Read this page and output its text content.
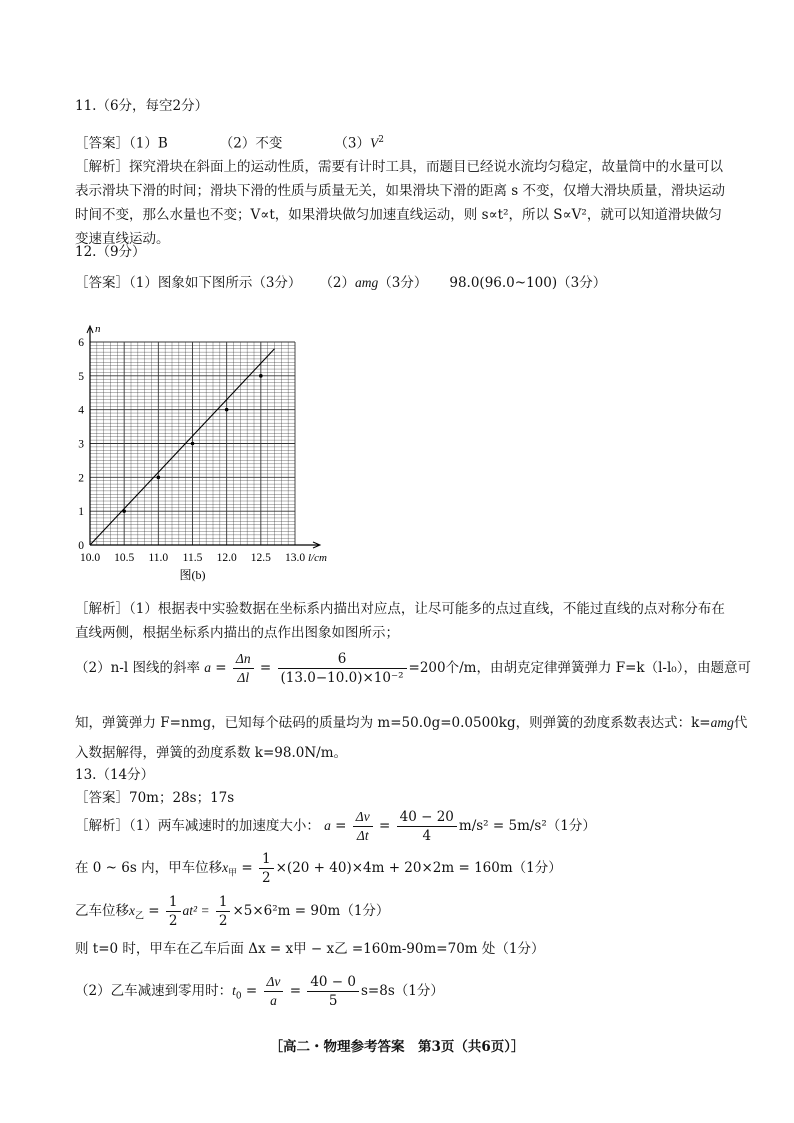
11.（6分，每空2分）
［答案］（1）B	（2）不变	$(3)V^2$
［解析］探究滑块在斜面上的运动性质，需要有计时工具，而题目已经说水流均匀稳定，故量筒中的水量可以表示滑块下滑的时间；滑块下滑的性质与质量无关，如果滑块下滑的距离 s 不变，仅增大滑块质量，滑块运动时间不变，那么水量也不变；V∝t，如果滑块做匀加速直线运动，则 s∝t²，所以 S∝V²，就可以知道滑块做匀变速直线运动。
12.（9分）
［答案］（1）图象如下图所示（3分） （2）amg（3分） 98.0(96.0~100)（3分）
n
l/cm
10.0 10.5 11.0 11.5 12.0 12.5 13.0
0
1
2
3
4
5
6
图(b)
［解析］（1）根据表中实验数据在坐标系内描出对应点，让尽可能多的点过直线，不能过直线的点对称分布在直线两侧，根据坐标系内描出的点作出图象如图所示；
（2）n-l 图线的斜率 $a = \frac{\Delta n}{\Delta l} = \frac{6}{\text{(13.0−10.0)×10⁻²}} =200$个/m，由胡克定律弹簧弹力 F=k（l-l₀），由题意可
知，弹簧弹力 F=nmg，已知每个砝码的质量均为 m=50.0g=0.0500kg，则弹簧的劲度系数表达式：k=amg代
入数据解得，弹簧的劲度系数 k=98.0N/m。
13.（14分）
［答案］70m；28s；17s
［解析］（1）两车减速时的加速度大小： $a = \frac{\Delta v}{\Delta t} = \frac{40 - 20}{4} m/s^2 = 5m/s^2(1$分）
在 0 ~ 6s 内，甲车位移$x_甲 = \frac{1}{2} \times(20 + 40)\times 4m + 20\times 2m = 160m(1$分）
乙车位移$x_乙 = \frac{1}{2} at^2 = \frac{1}{2} \times 5\times 6^2m = 90m(1$分）
则 t=0 时，甲车在乙车后面 Δx = x甲 − x乙 =160m-90m=70m 处（1分）
（2）乙车减速到零用时：$t_0 = \frac{\Delta v}{a} = \frac{40 - 0}{5} s=8s(1$分）
［高二・物理参考答案　第3页（共6页）］
